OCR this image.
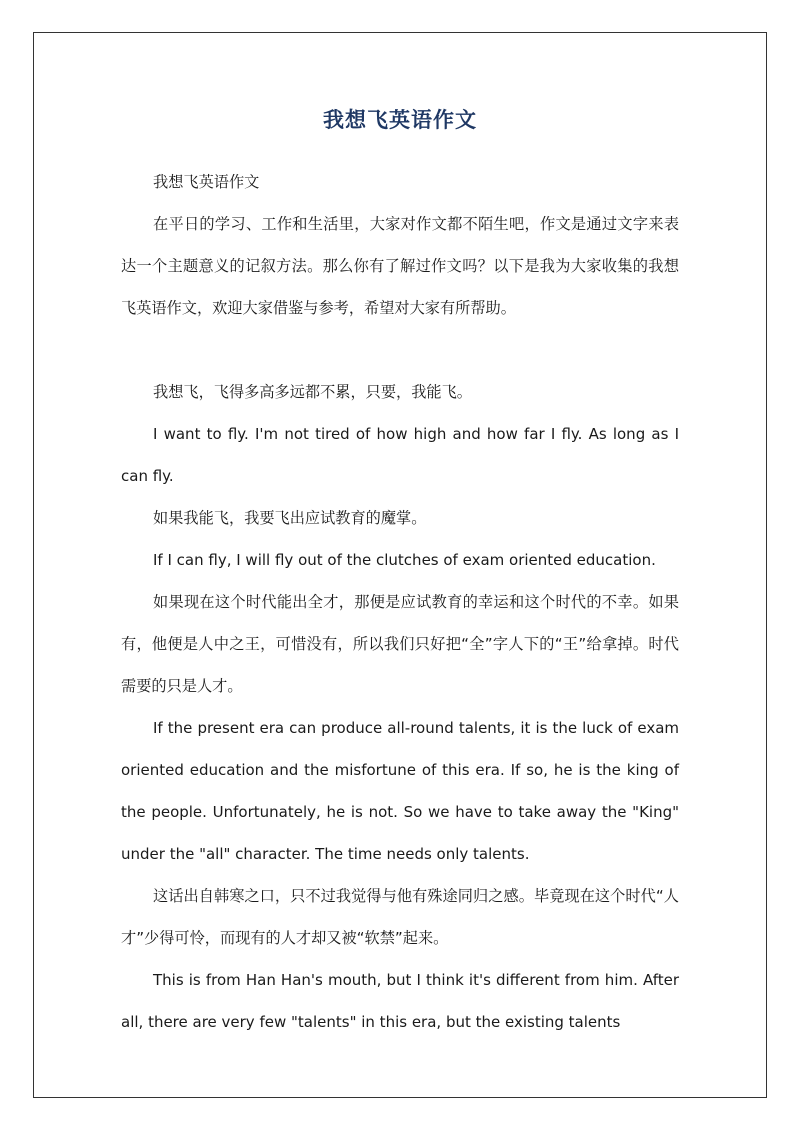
我想飞英语作文

我想飞英语作文

在平日的学习、工作和生活里，大家对作文都不陌生吧，作文是通过文字来表达一个主题意义的记叙方法。那么你有了解过作文吗？以下是我为大家收集的我想飞英语作文，欢迎大家借鉴与参考，希望对大家有所帮助。

我想飞，飞得多高多远都不累，只要，我能飞。

I want to fly. I'm not tired of how high and how far I fly. As long as I can fly.

如果我能飞，我要飞出应试教育的魔掌。

If I can fly, I will fly out of the clutches of exam oriented education.

如果现在这个时代能出全才，那便是应试教育的幸运和这个时代的不幸。如果有，他便是人中之王，可惜没有，所以我们只好把“全”字人下的“王”给拿掉。时代需要的只是人才。

If the present era can produce all-round talents, it is the luck of exam oriented education and the misfortune of this era. If so, he is the king of the people. Unfortunately, he is not. So we have to take away the "King" under the "all" character. The time needs only talents.

这话出自韩寒之口，只不过我觉得与他有殊途同归之感。毕竟现在这个时代“人才”少得可怜，而现有的人才却又被“软禁”起来。

This is from Han Han's mouth, but I think it's different from him. After all, there are very few "talents" in this era, but the existing talents
